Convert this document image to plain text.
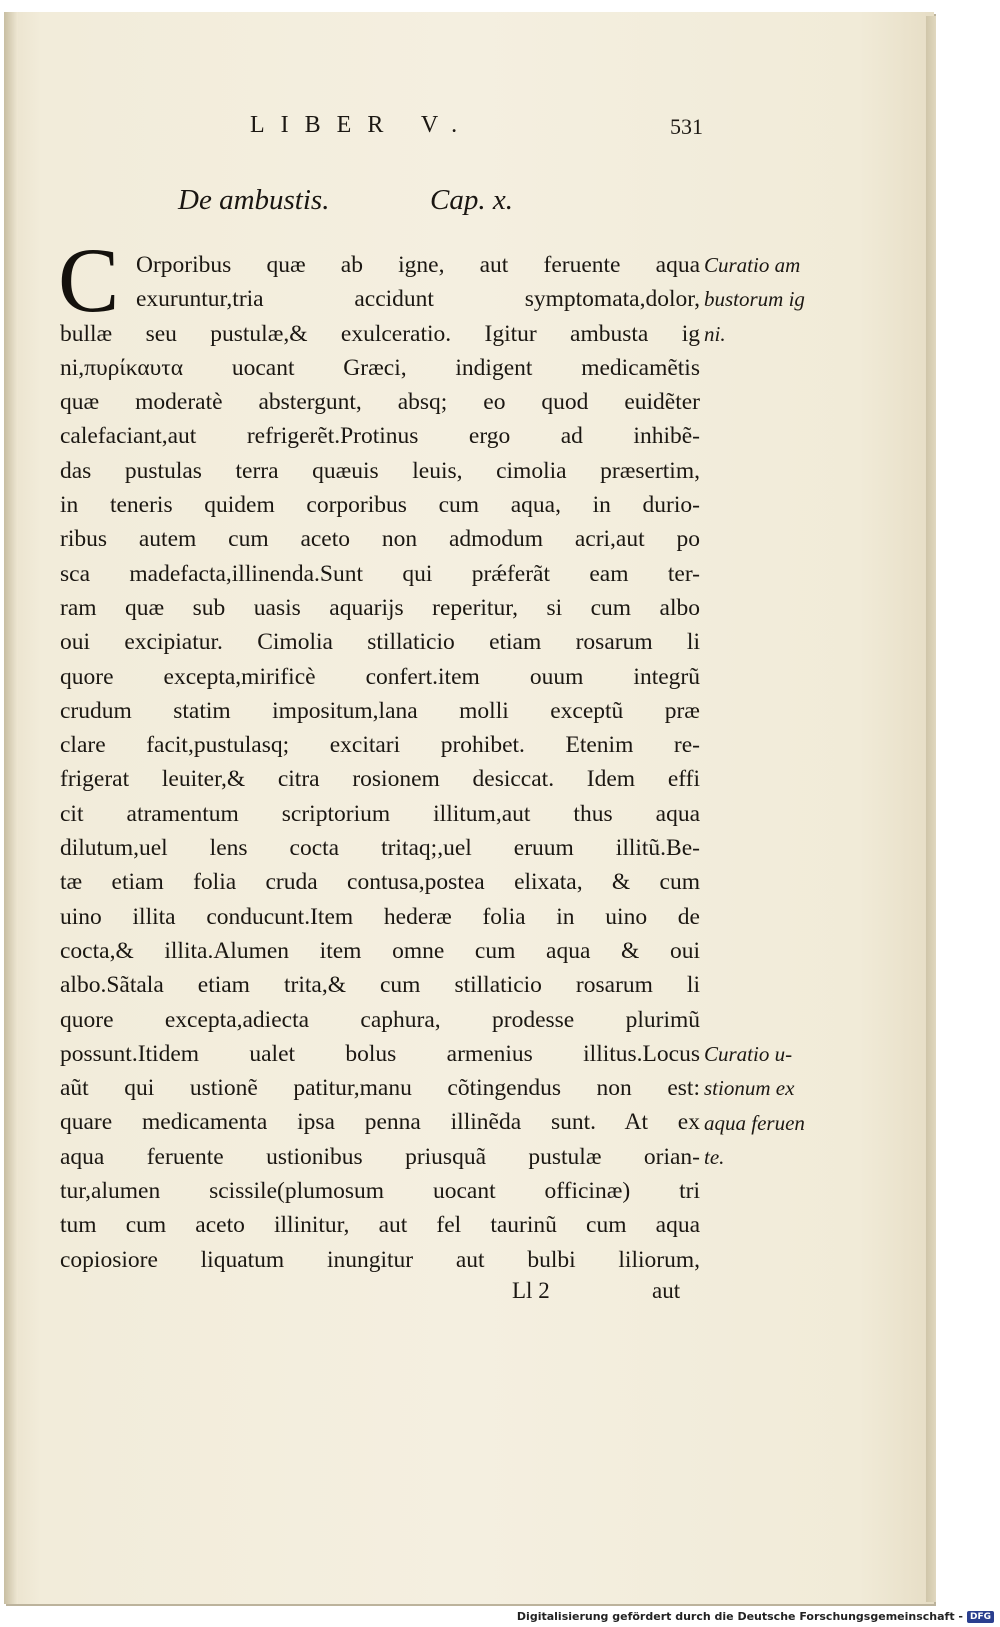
LIBER V.	531
De ambustis.	Cap. x.
C Orporibus quæ ab igne, aut feruente aqua
exuruntur,tria accidunt symptomata,dolor,
bullæ seu pustulæ,& exulceratio. Igitur ambusta ig
ni,πυρίκαυτα uocant Græci, indigent medicamẽtis
quæ moderatè abstergunt, absq; eo quod euidẽter
calefaciant,aut refrigerẽt.Protinus ergo ad inhibẽ-
das pustulas terra quæuis leuis, cimolia præsertim,
in teneris quidem corporibus cum aqua, in durio-
ribus autem cum aceto non admodum acri,aut po
sca madefacta,illinenda.Sunt qui prǽferãt eam ter-
ram quæ sub uasis aquarijs reperitur, si cum albo
oui excipiatur. Cimolia stillaticio etiam rosarum li
quore excepta,mirificè confert.item ouum integrũ
crudum statim impositum,lana molli exceptũ præ
clare facit,pustulasq; excitari prohibet. Etenim re-
frigerat leuiter,& citra rosionem desiccat. Idem effi
cit atramentum scriptorium illitum,aut thus aqua
dilutum,uel lens cocta tritaq;,uel eruum illitũ.Be-
tæ etiam folia cruda contusa,postea elixata, & cum
uino illita conducunt.Item hederæ folia in uino de
cocta,& illita.Alumen item omne cum aqua & oui
albo.Sãtala etiam trita,& cum stillaticio rosarum li
quore excepta,adiecta caphura, prodesse plurimũ
possunt.Itidem ualet bolus armenius illitus.Locus
aũt qui ustionẽ patitur,manu cõtingendus non est:
quare medicamenta ipsa penna illinẽda sunt. At ex
aqua feruente ustionibus priusquã pustulæ orian-
tur,alumen scissile(plumosum uocant officinæ) tri
tum cum aceto illinitur, aut fel taurinũ cum aqua
copiosiore liquatum inungitur aut bulbi liliorum,
Curatio am
bustorum ig
ni.
Curatio u-
stionum ex
aqua feruen
te.
Ll 2	aut
Digitalisierung gefördert durch die Deutsche Forschungsgemeinschaft - DFG
